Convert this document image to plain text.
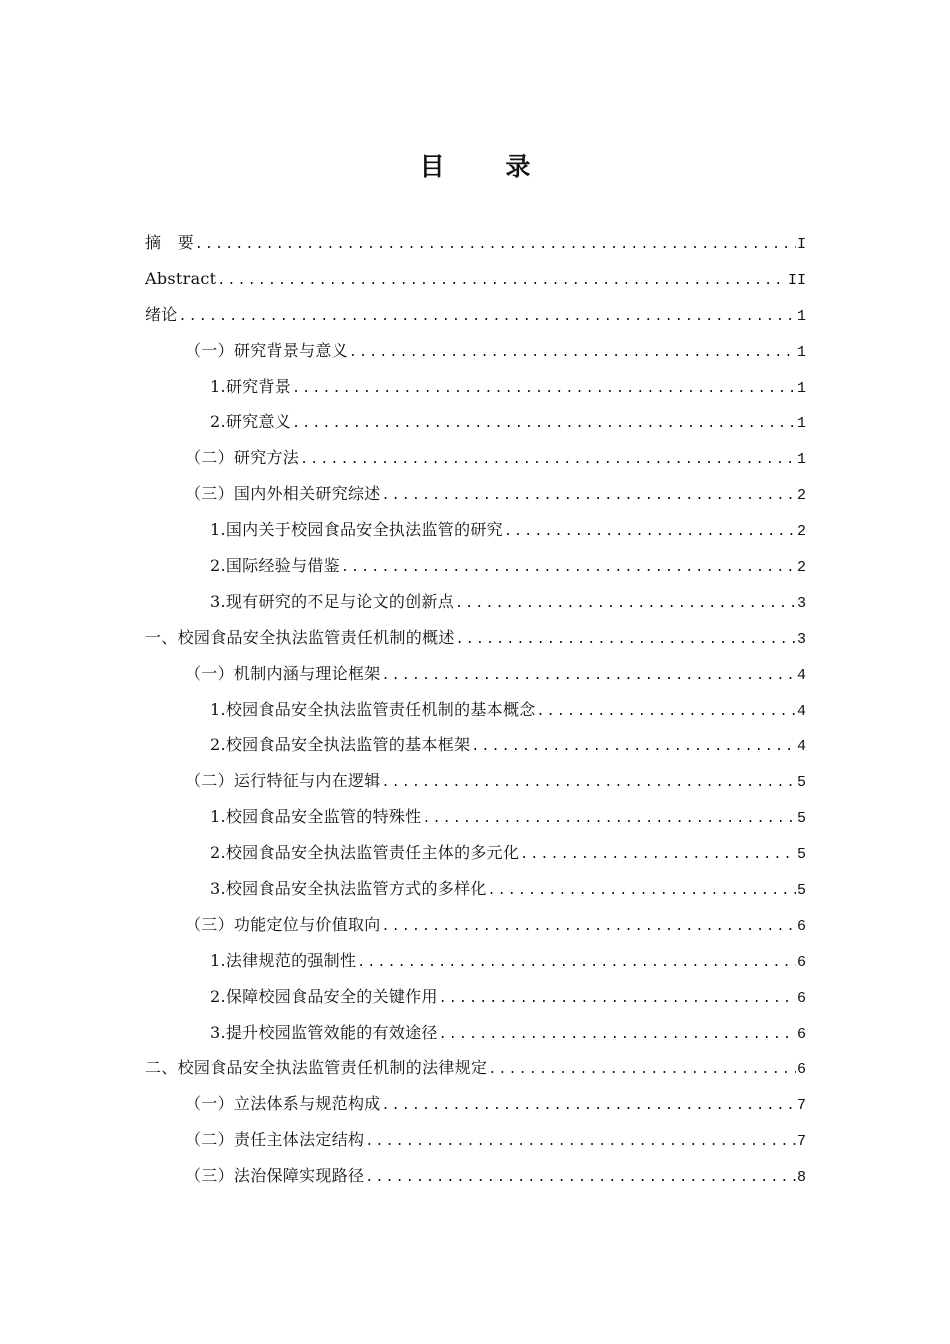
目 录
摘　要 .....	I
Abstract .....	II
绪论 .....	1
（一）研究背景与意义 .....	1
1.研究背景 .....	1
2.研究意义 .....	1
（二）研究方法 .....	1
（三）国内外相关研究综述 .....	2
1.国内关于校园食品安全执法监管的研究 .....	2
2.国际经验与借鉴 .....	2
3.现有研究的不足与论文的创新点 .....	3
一、校园食品安全执法监管责任机制的概述 .....	3
（一）机制内涵与理论框架 .....	4
1.校园食品安全执法监管责任机制的基本概念 .....	4
2.校园食品安全执法监管的基本框架 .....	4
（二）运行特征与内在逻辑 .....	5
1.校园食品安全监管的特殊性 .....	5
2.校园食品安全执法监管责任主体的多元化 .....	5
3.校园食品安全执法监管方式的多样化 .....	5
（三）功能定位与价值取向 .....	6
1.法律规范的强制性 .....	6
2.保障校园食品安全的关键作用 .....	6
3.提升校园监管效能的有效途径 .....	6
二、校园食品安全执法监管责任机制的法律规定 .....	6
（一）立法体系与规范构成 .....	7
（二）责任主体法定结构 .....	7
（三）法治保障实现路径 .....	8
